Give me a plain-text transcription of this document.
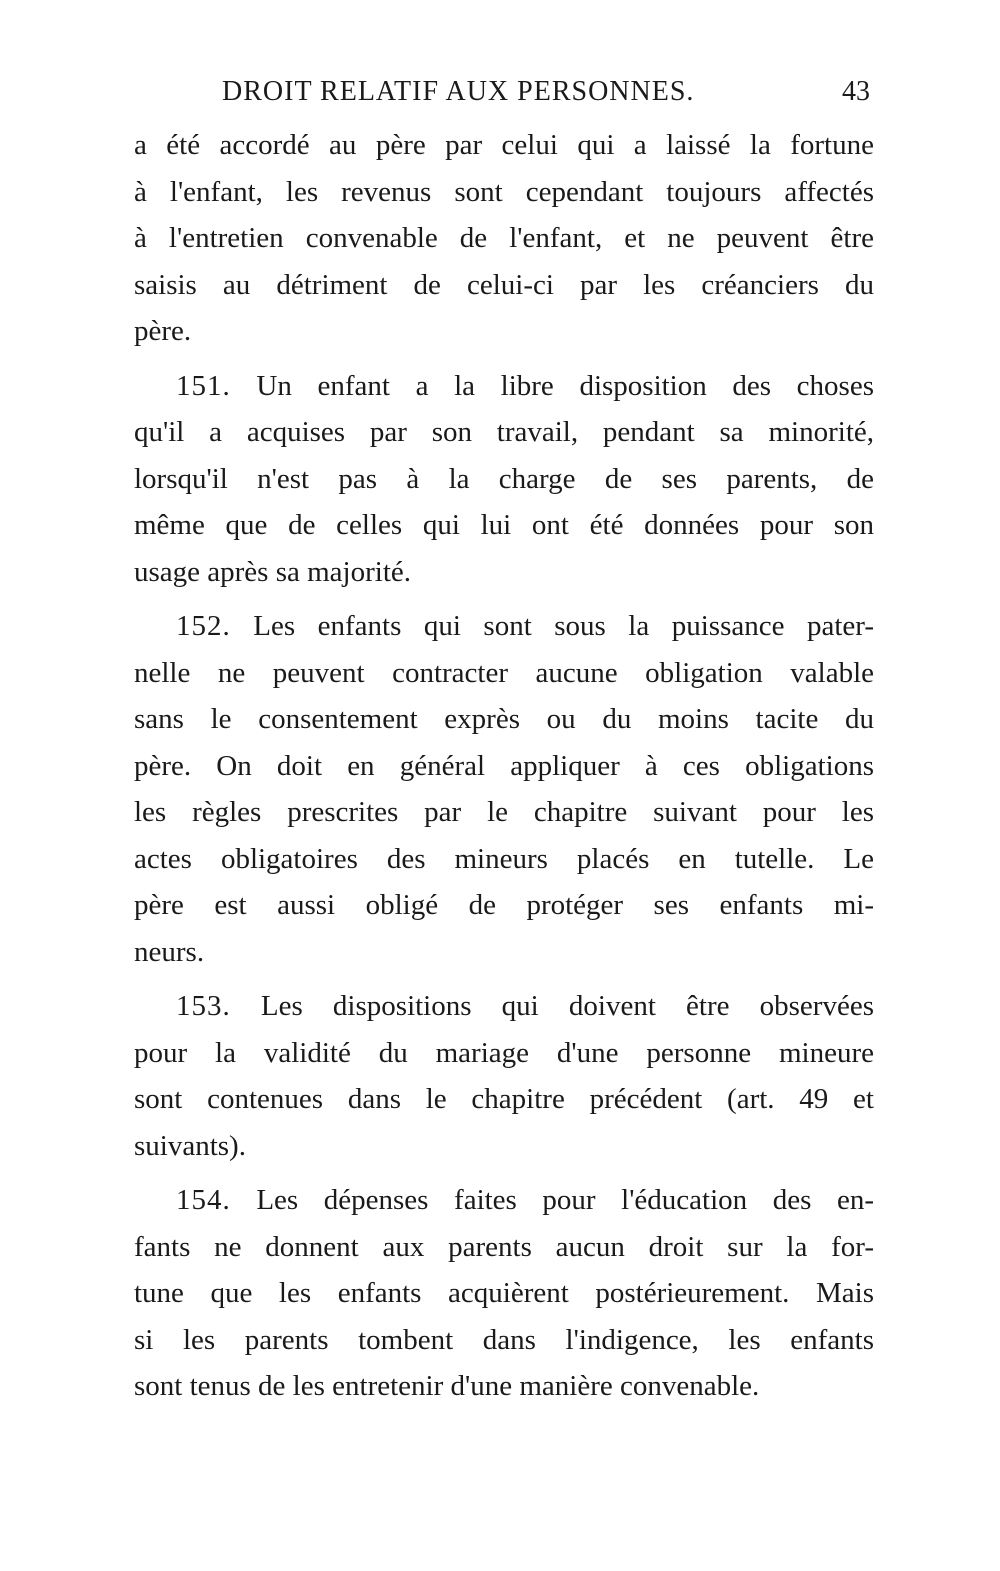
DROIT RELATIF AUX PERSONNES.	43
a été accordé au père par celui qui a laissé la fortune
à l'enfant, les revenus sont cependant toujours affectés
à l'entretien convenable de l'enfant, et ne peuvent être
saisis au détriment de celui-ci par les créanciers du
père.
151. Un enfant a la libre disposition des choses
qu'il a acquises par son travail, pendant sa minorité,
lorsqu'il n'est pas à la charge de ses parents, de
même que de celles qui lui ont été données pour son
usage après sa majorité.
152. Les enfants qui sont sous la puissance pater-
nelle ne peuvent contracter aucune obligation valable
sans le consentement exprès ou du moins tacite du
père. On doit en général appliquer à ces obligations
les règles prescrites par le chapitre suivant pour les
actes obligatoires des mineurs placés en tutelle. Le
père est aussi obligé de protéger ses enfants mi-
neurs.
153. Les dispositions qui doivent être observées
pour la validité du mariage d'une personne mineure
sont contenues dans le chapitre précédent (art. 49 et
suivants).
154. Les dépenses faites pour l'éducation des en-
fants ne donnent aux parents aucun droit sur la for-
tune que les enfants acquièrent postérieurement. Mais
si les parents tombent dans l'indigence, les enfants
sont tenus de les entretenir d'une manière convenable.
